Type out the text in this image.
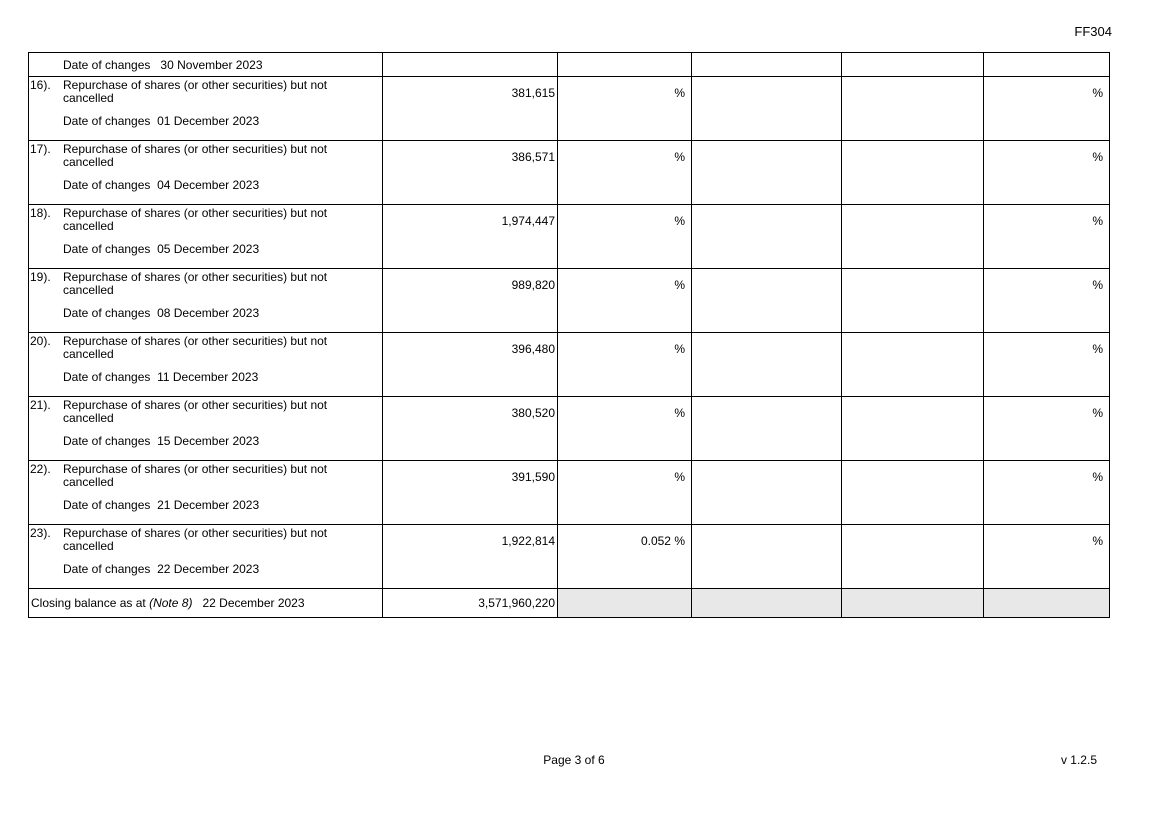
FF304
Date of changes 30 November 2023					

16). Repurchase of shares (or other securities) but not cancelled
Date of changes 01 December 2023	381,615	%			%

17). Repurchase of shares (or other securities) but not cancelled
Date of changes 04 December 2023	386,571	%			%

18). Repurchase of shares (or other securities) but not cancelled
Date of changes 05 December 2023	1,974,447	%			%

19). Repurchase of shares (or other securities) but not cancelled
Date of changes 08 December 2023	989,820	%			%

20). Repurchase of shares (or other securities) but not cancelled
Date of changes 11 December 2023	396,480	%			%

21). Repurchase of shares (or other securities) but not cancelled
Date of changes 15 December 2023	380,520	%			%

22). Repurchase of shares (or other securities) but not cancelled
Date of changes 21 December 2023	391,590	%			%

23). Repurchase of shares (or other securities) but not cancelled
Date of changes 22 December 2023	1,922,814	0.052 %			%

Closing balance as at (Note 8) 22 December 2023	3,571,960,220				

Page 3 of 6	v 1.2.5
